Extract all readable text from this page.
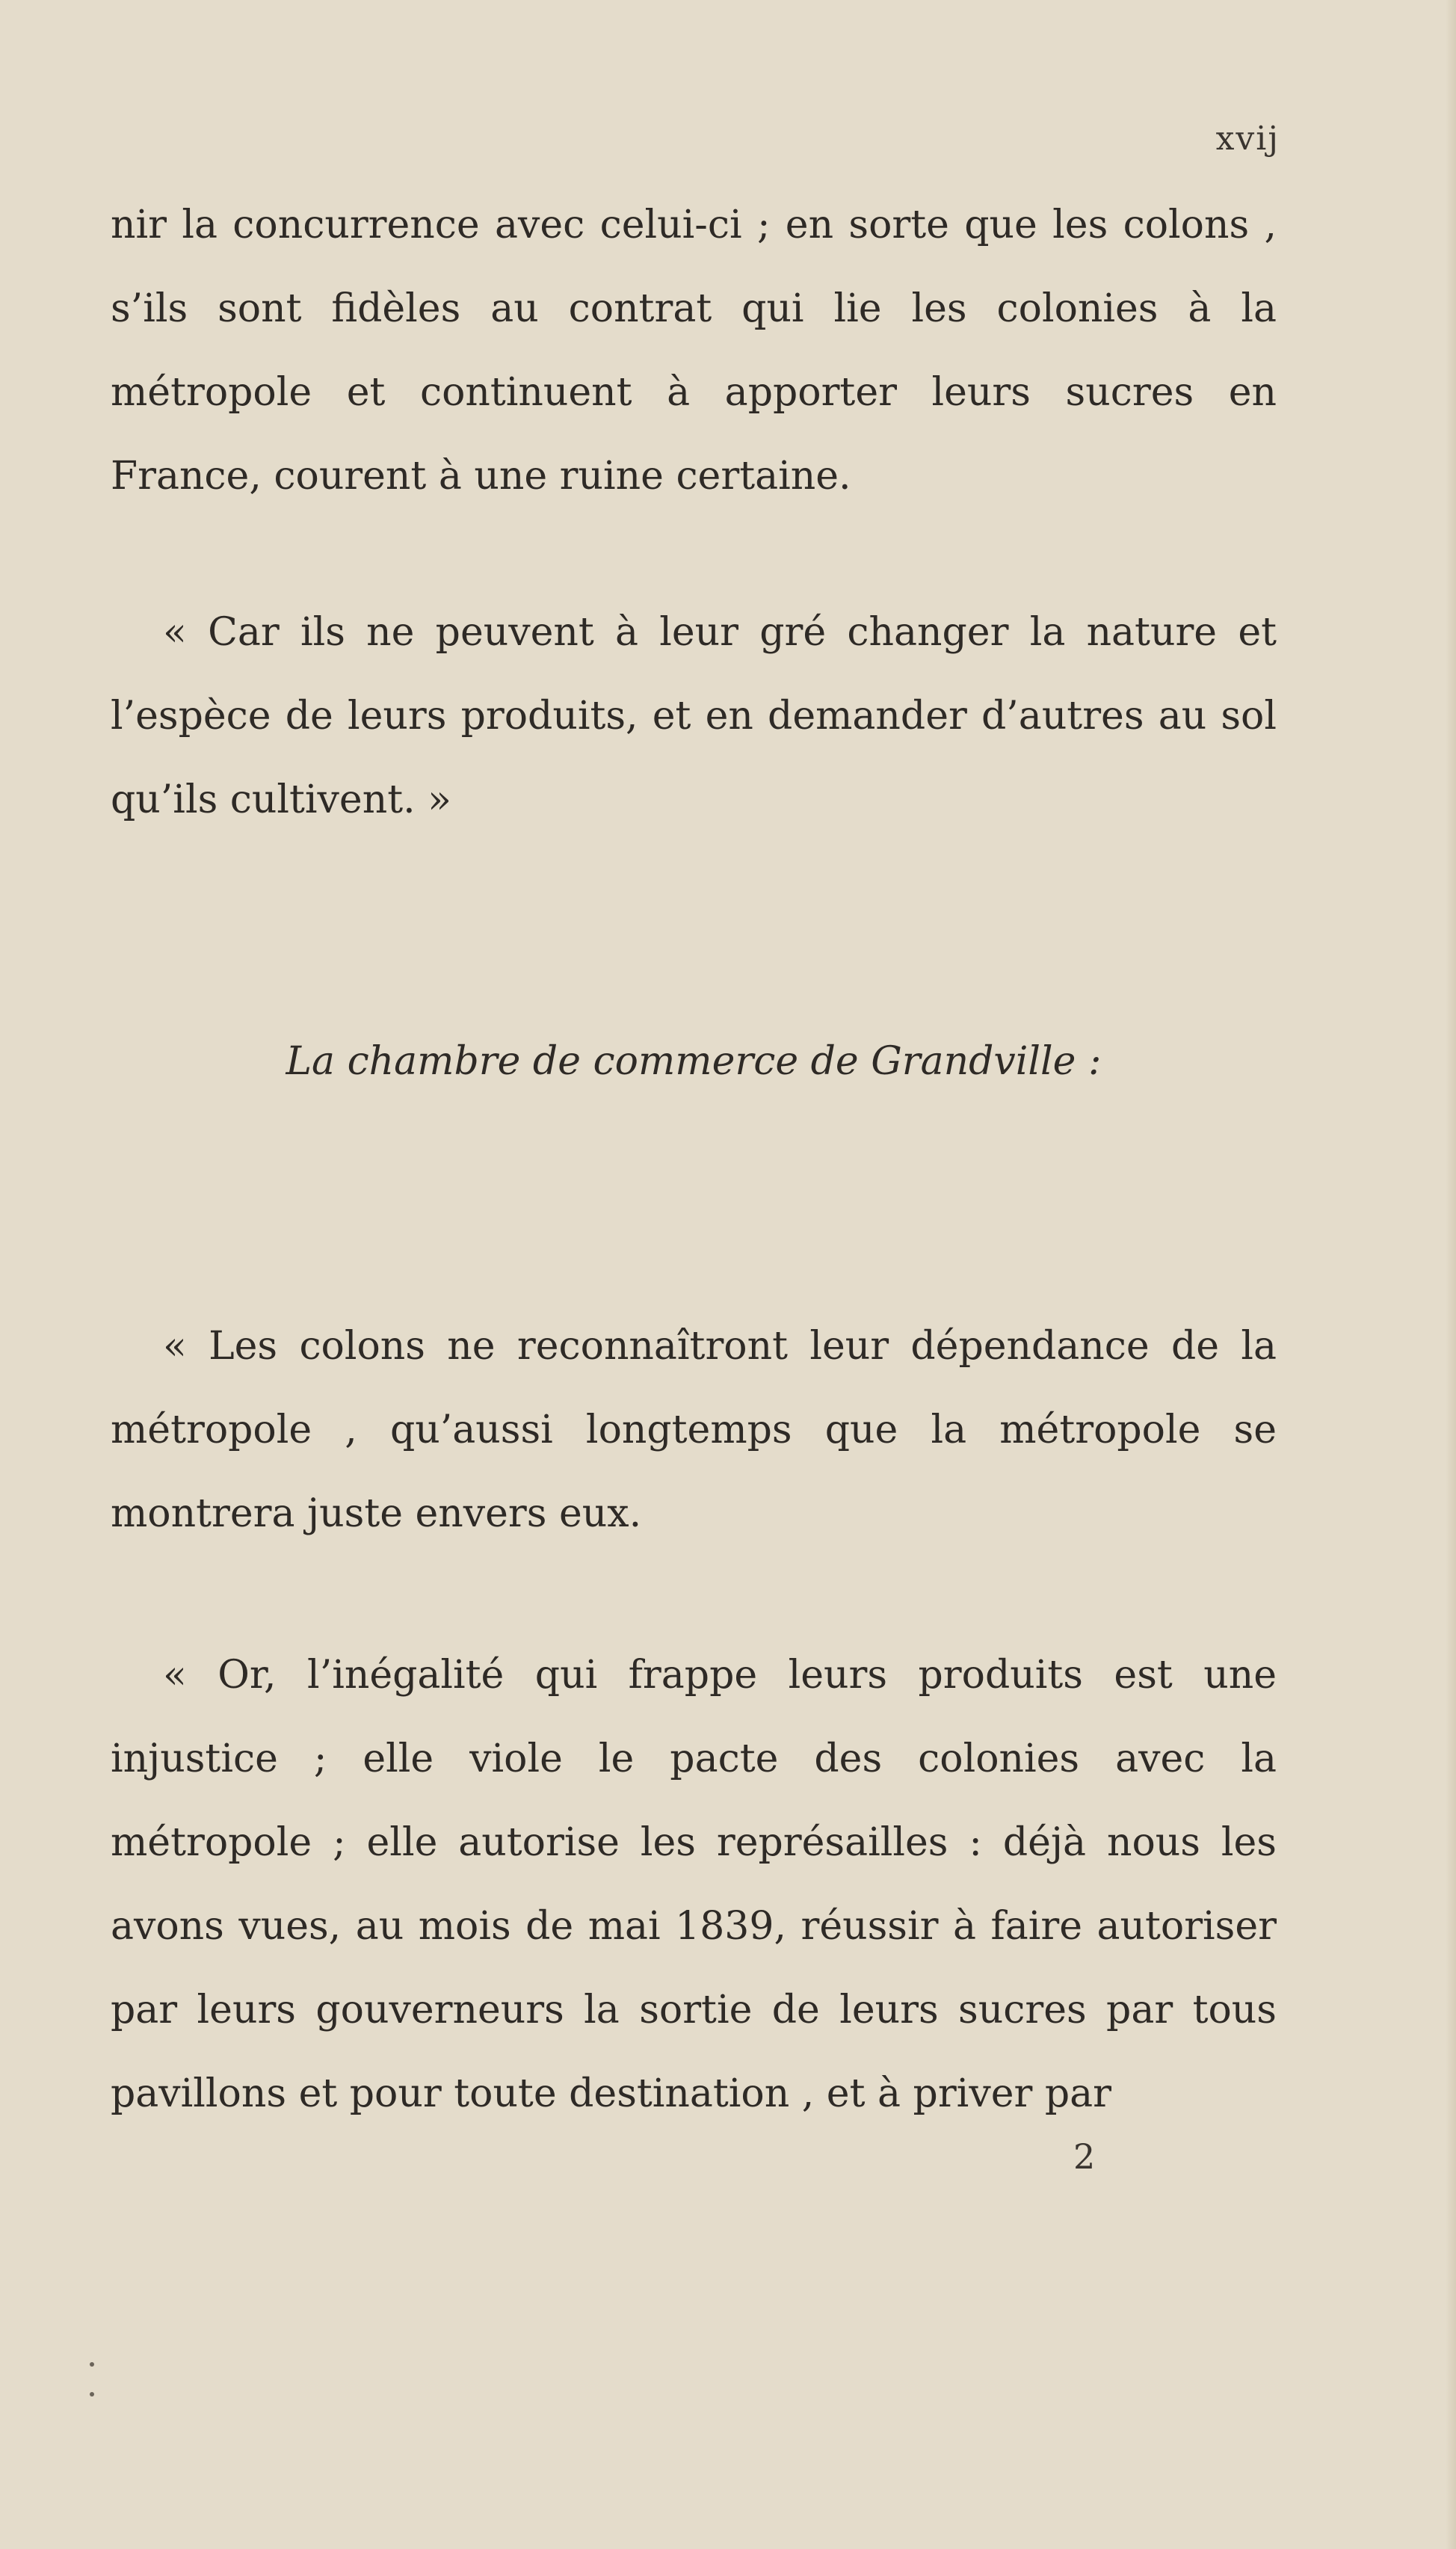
xvij

nir la concurrence avec celui-ci ; en sorte que les colons , s’ils sont fidèles au contrat qui lie les colonies à la métropole et continuent à apporter leurs sucres en France, courent à une ruine certaine.

« Car ils ne peuvent à leur gré changer la nature et l’espèce de leurs produits, et en demander d’autres au sol qu’ils cultivent. »

La chambre de commerce de Grandville :

« Les colons ne reconnaîtront leur dépendance de la métropole , qu’aussi longtemps que la métropole se montrera juste envers eux.

« Or, l’inégalité qui frappe leurs produits est une injustice ; elle viole le pacte des colonies avec la métropole ; elle autorise les représailles : déjà nous les avons vues, au mois de mai 1839, réussir à faire autoriser par leurs gouverneurs la sortie de leurs sucres par tous pavillons et pour toute destination , et à priver par

2
